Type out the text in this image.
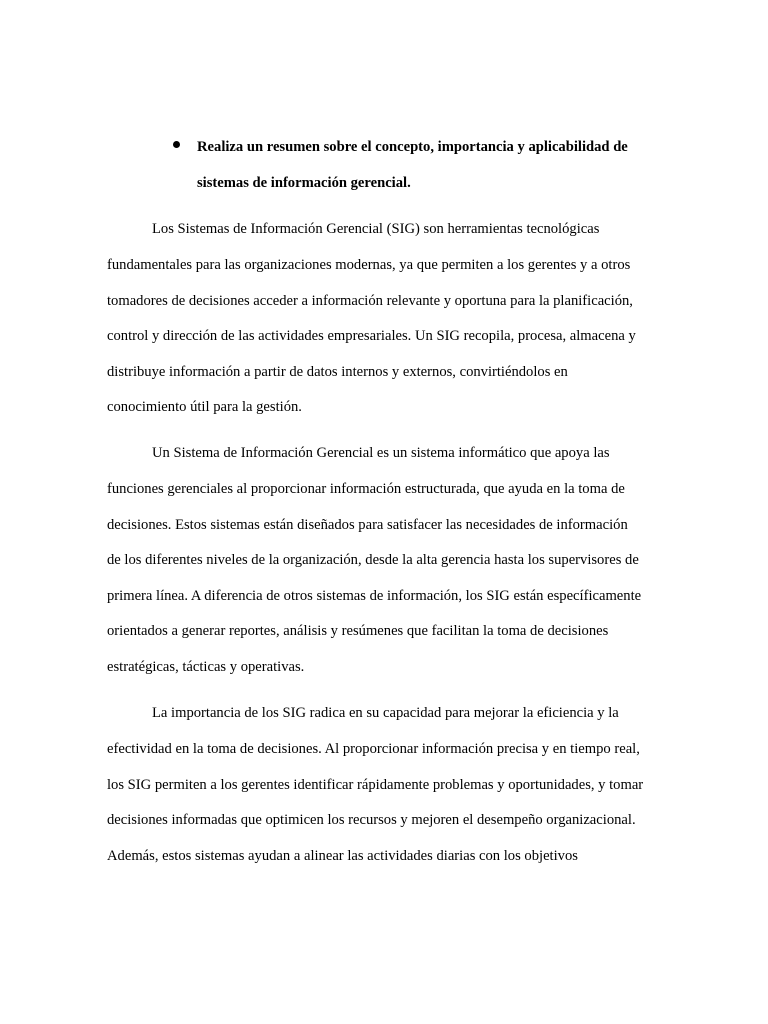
Realiza un resumen sobre el concepto, importancia y aplicabilidad de
sistemas de información gerencial.
Los Sistemas de Información Gerencial (SIG) son herramientas tecnológicas
fundamentales para las organizaciones modernas, ya que permiten a los gerentes y a otros
tomadores de decisiones acceder a información relevante y oportuna para la planificación,
control y dirección de las actividades empresariales. Un SIG recopila, procesa, almacena y
distribuye información a partir de datos internos y externos, convirtiéndolos en
conocimiento útil para la gestión.
Un Sistema de Información Gerencial es un sistema informático que apoya las
funciones gerenciales al proporcionar información estructurada, que ayuda en la toma de
decisiones. Estos sistemas están diseñados para satisfacer las necesidades de información
de los diferentes niveles de la organización, desde la alta gerencia hasta los supervisores de
primera línea. A diferencia de otros sistemas de información, los SIG están específicamente
orientados a generar reportes, análisis y resúmenes que facilitan la toma de decisiones
estratégicas, tácticas y operativas.
La importancia de los SIG radica en su capacidad para mejorar la eficiencia y la
efectividad en la toma de decisiones. Al proporcionar información precisa y en tiempo real,
los SIG permiten a los gerentes identificar rápidamente problemas y oportunidades, y tomar
decisiones informadas que optimicen los recursos y mejoren el desempeño organizacional.
Además, estos sistemas ayudan a alinear las actividades diarias con los objetivos
